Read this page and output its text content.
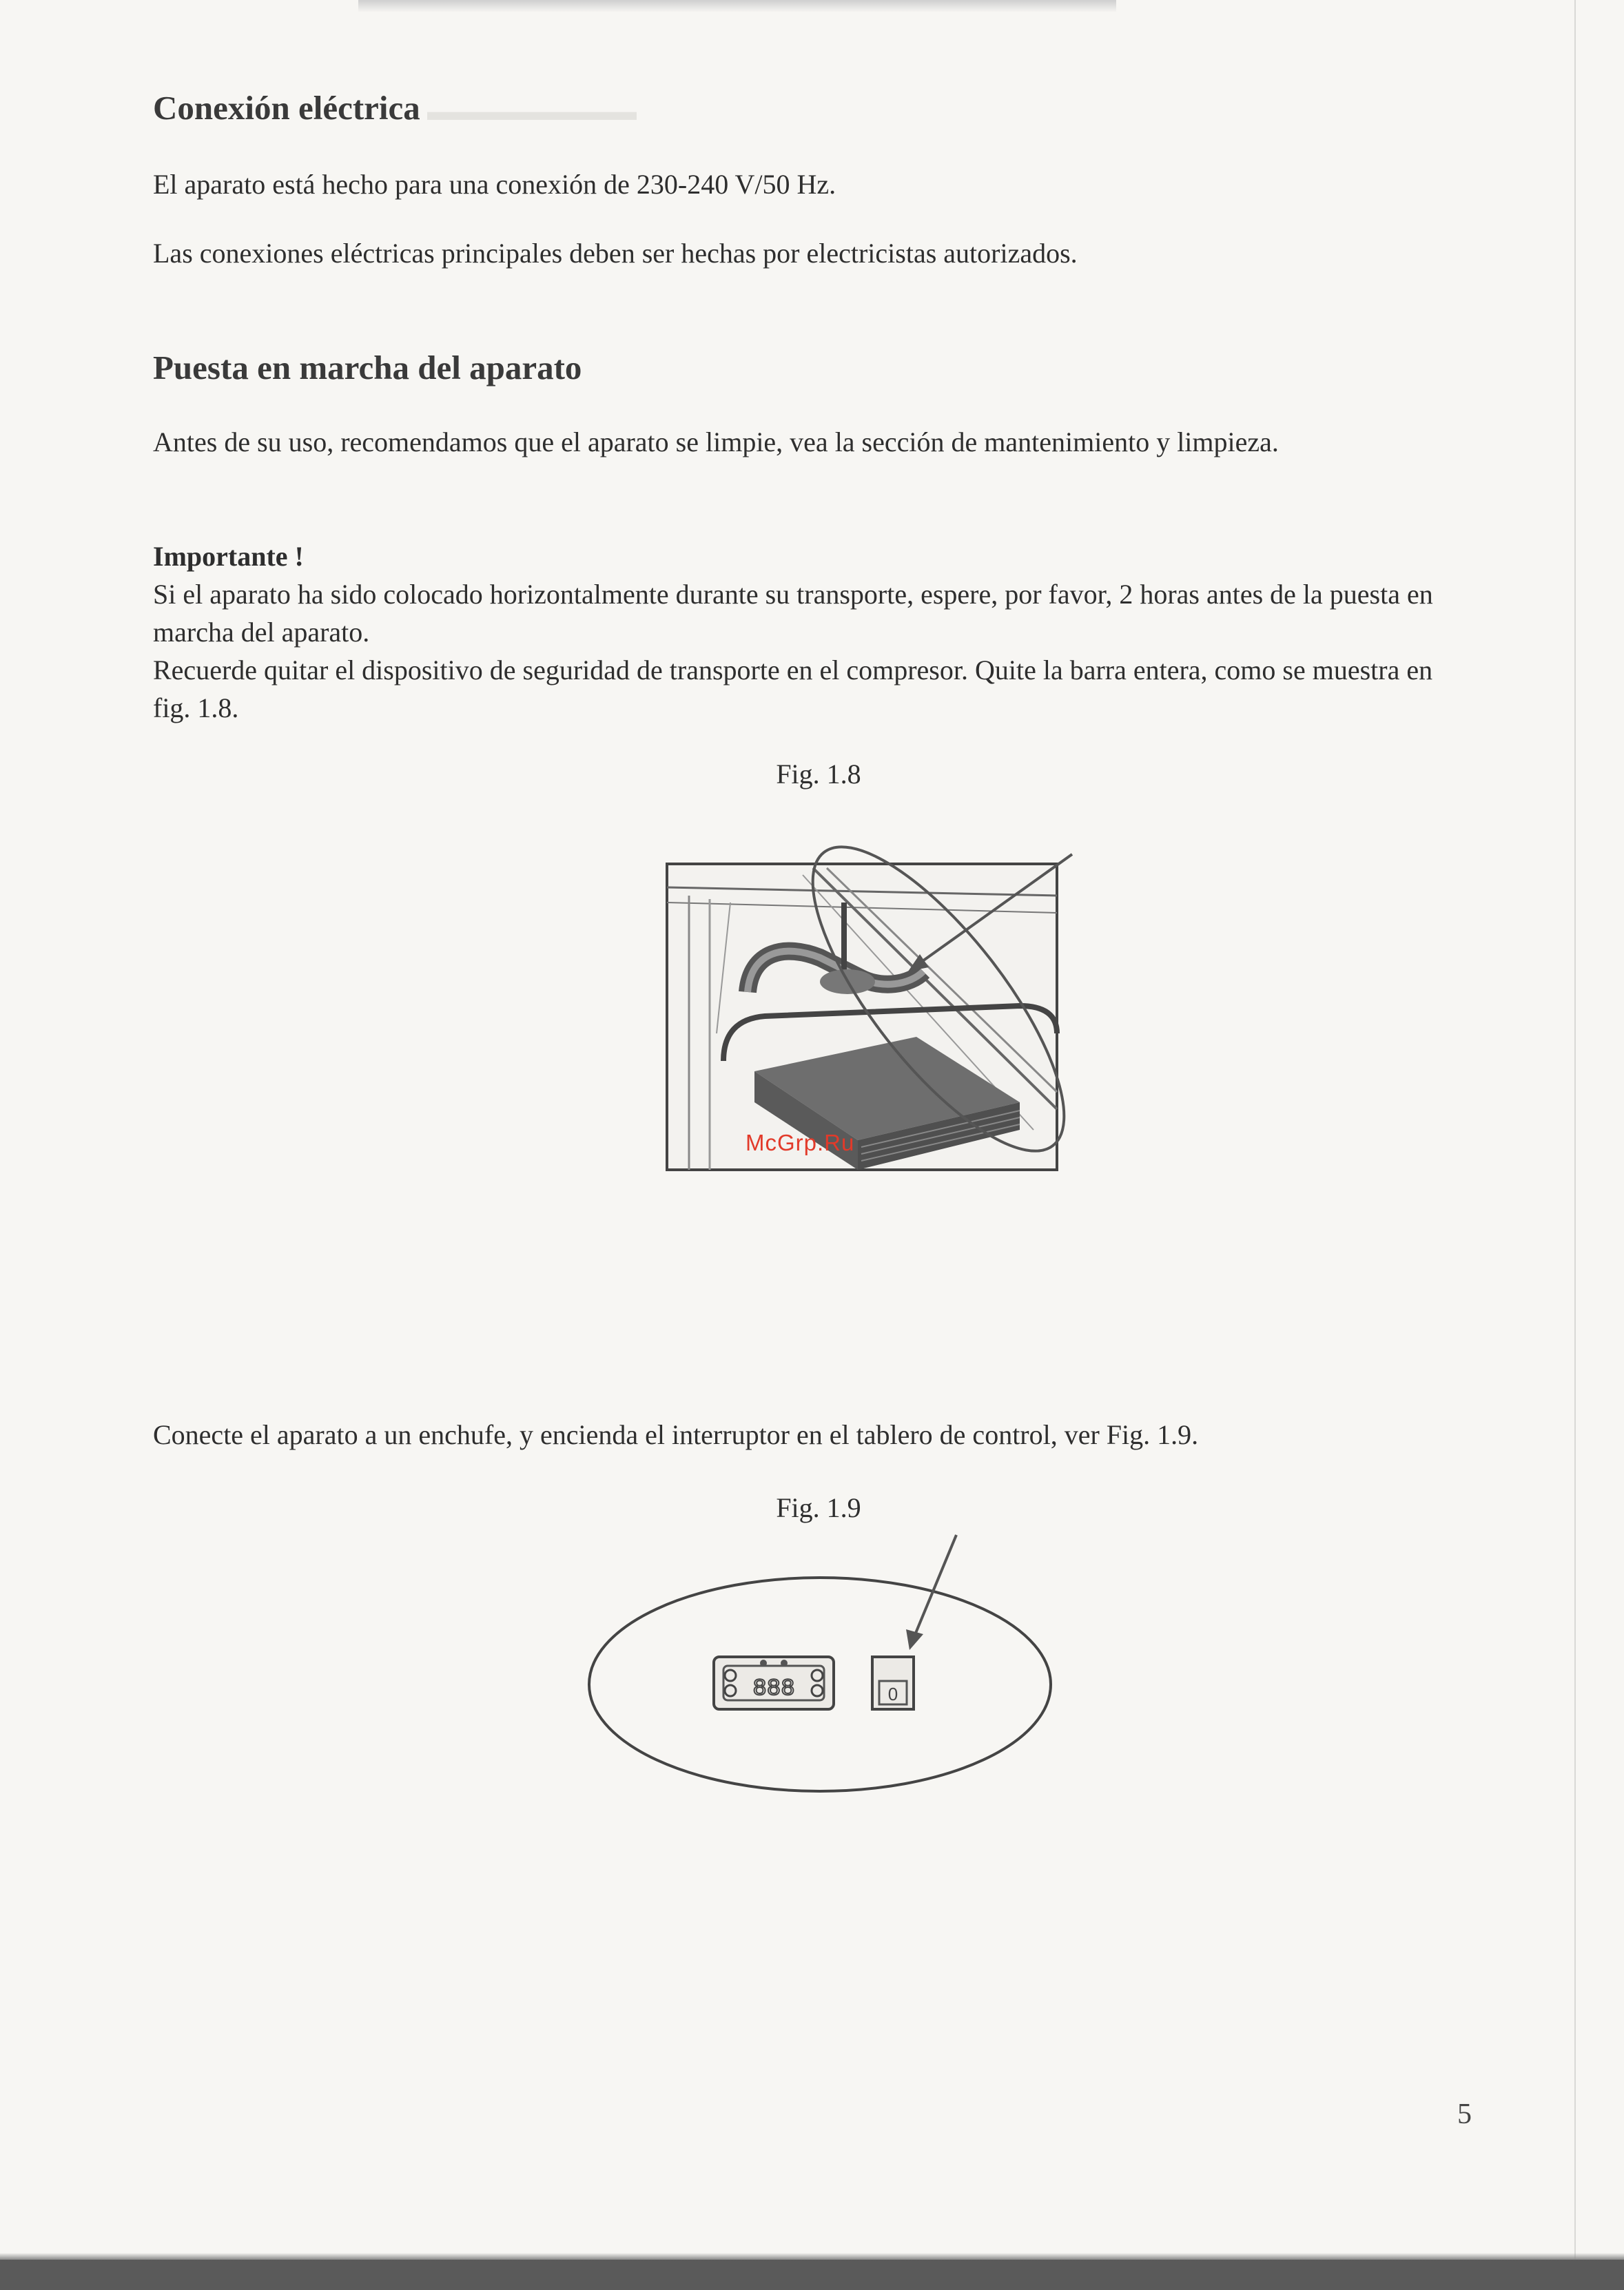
▬▬▬▬▬▬▬▬
Conexión eléctrica

El aparato está hecho para una conexión de 230-240 V/50 Hz.

Las conexiones eléctricas principales deben ser hechas por electricistas autorizados.

Puesta en marcha del aparato

Antes de su uso, recomendamos que el aparato se limpie, vea la sección de mantenimiento y limpieza.

Importante !

Si el aparato ha sido colocado horizontalmente durante su transporte, espere, por favor, 2 horas antes de la puesta en marcha del aparato.

Recuerde quitar el dispositivo de seguridad de transporte en el compresor. Quite la barra entera, como se muestra en fig. 1.8.

Fig. 1.8
McGrp.Ru

Conecte el aparato a un enchufe, y encienda el interruptor en el tablero de control, ver Fig. 1.9.

Fig. 1.9
888	0
5
